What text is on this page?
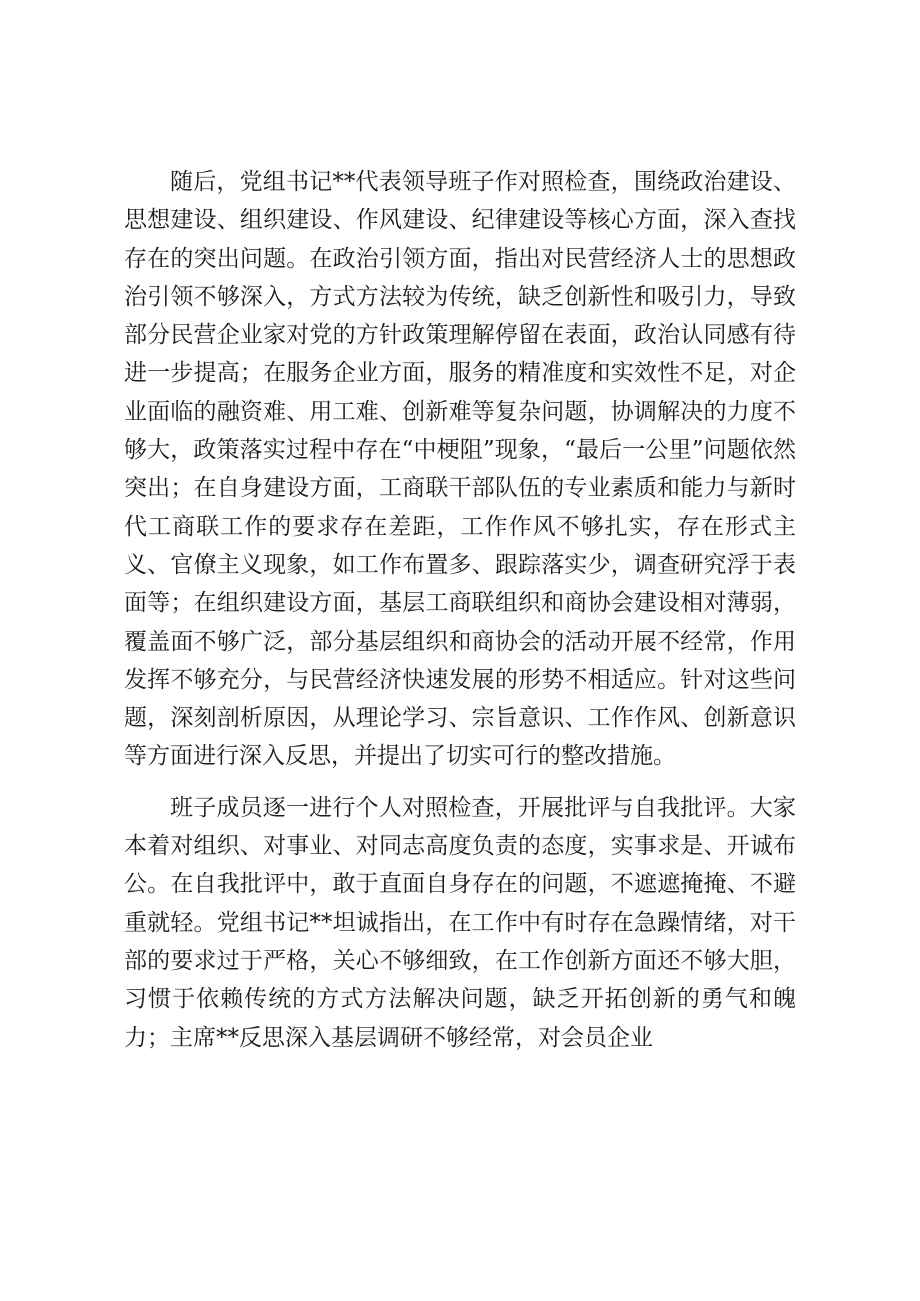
随后，党组书记**代表领导班子作对照检查，围绕政治建设、思想建设、组织建设、作风建设、纪律建设等核心方面，深入查找存在的突出问题。在政治引领方面，指出对民营经济人士的思想政治引领不够深入，方式方法较为传统，缺乏创新性和吸引力，导致部分民营企业家对党的方针政策理解停留在表面，政治认同感有待进一步提高；在服务企业方面，服务的精准度和实效性不足，对企业面临的融资难、用工难、创新难等复杂问题，协调解决的力度不够大，政策落实过程中存在“中梗阻”现象，“最后一公里”问题依然突出；在自身建设方面，工商联干部队伍的专业素质和能力与新时代工商联工作的要求存在差距，工作作风不够扎实，存在形式主义、官僚主义现象，如工作布置多、跟踪落实少，调查研究浮于表面等；在组织建设方面，基层工商联组织和商协会建设相对薄弱，覆盖面不够广泛，部分基层组织和商协会的活动开展不经常，作用发挥不够充分，与民营经济快速发展的形势不相适应。针对这些问题，深刻剖析原因，从理论学习、宗旨意识、工作作风、创新意识等方面进行深入反思，并提出了切实可行的整改措施。

班子成员逐一进行个人对照检查，开展批评与自我批评。大家本着对组织、对事业、对同志高度负责的态度，实事求是、开诚布公。在自我批评中，敢于直面自身存在的问题，不遮遮掩掩、不避重就轻。党组书记**坦诚指出，在工作中有时存在急躁情绪，对干部的要求过于严格，关心不够细致，在工作创新方面还不够大胆，习惯于依赖传统的方式方法解决问题，缺乏开拓创新的勇气和魄力；主席**反思深入基层调研不够经常，对会员企业
